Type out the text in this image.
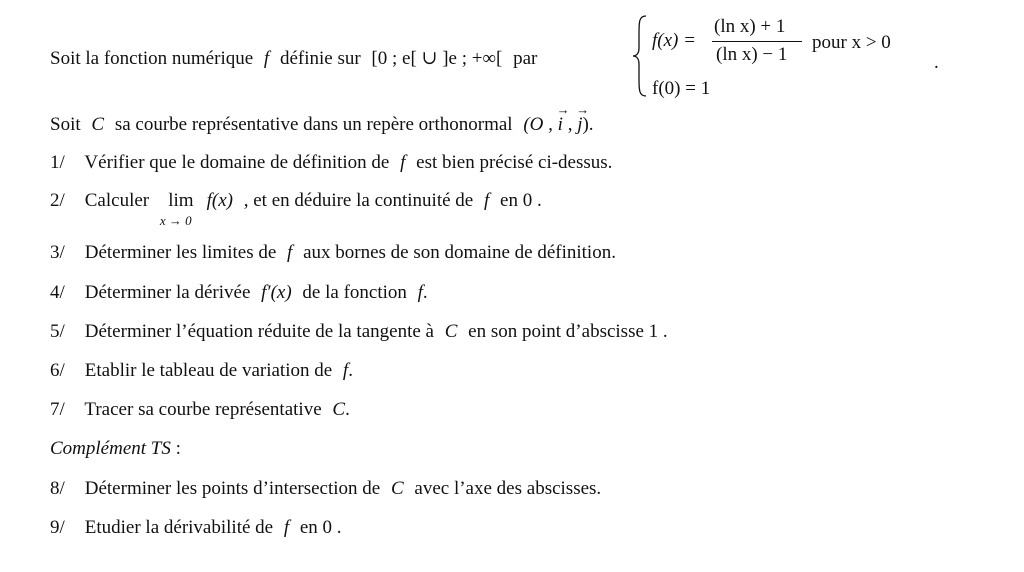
Soit la fonction numérique f définie sur [0 ; e[ ∪ ]e ; +∞[ par
f(x) =
(ln x) + 1
(ln x) − 1
pour x > 0
f(0) = 1
.
Soit C sa courbe représentative dans un repère orthonormal (O , → i , → j).
1/ Vérifier que le domaine de définition de f est bien précisé ci-dessus.
2/ Calculer lim
x → 0
f(x) , et en déduire la continuité de f en 0 .
3/ Déterminer les limites de f aux bornes de son domaine de définition.
4/ Déterminer la dérivée f′(x) de la fonction f.
5/ Déterminer l’équation réduite de la tangente à C en son point d’abscisse 1 .
6/ Etablir le tableau de variation de f.
7/ Tracer sa courbe représentative C.
Complément TS :
8/ Déterminer les points d’intersection de C avec l’axe des abscisses.
9/ Etudier la dérivabilité de f en 0 .
